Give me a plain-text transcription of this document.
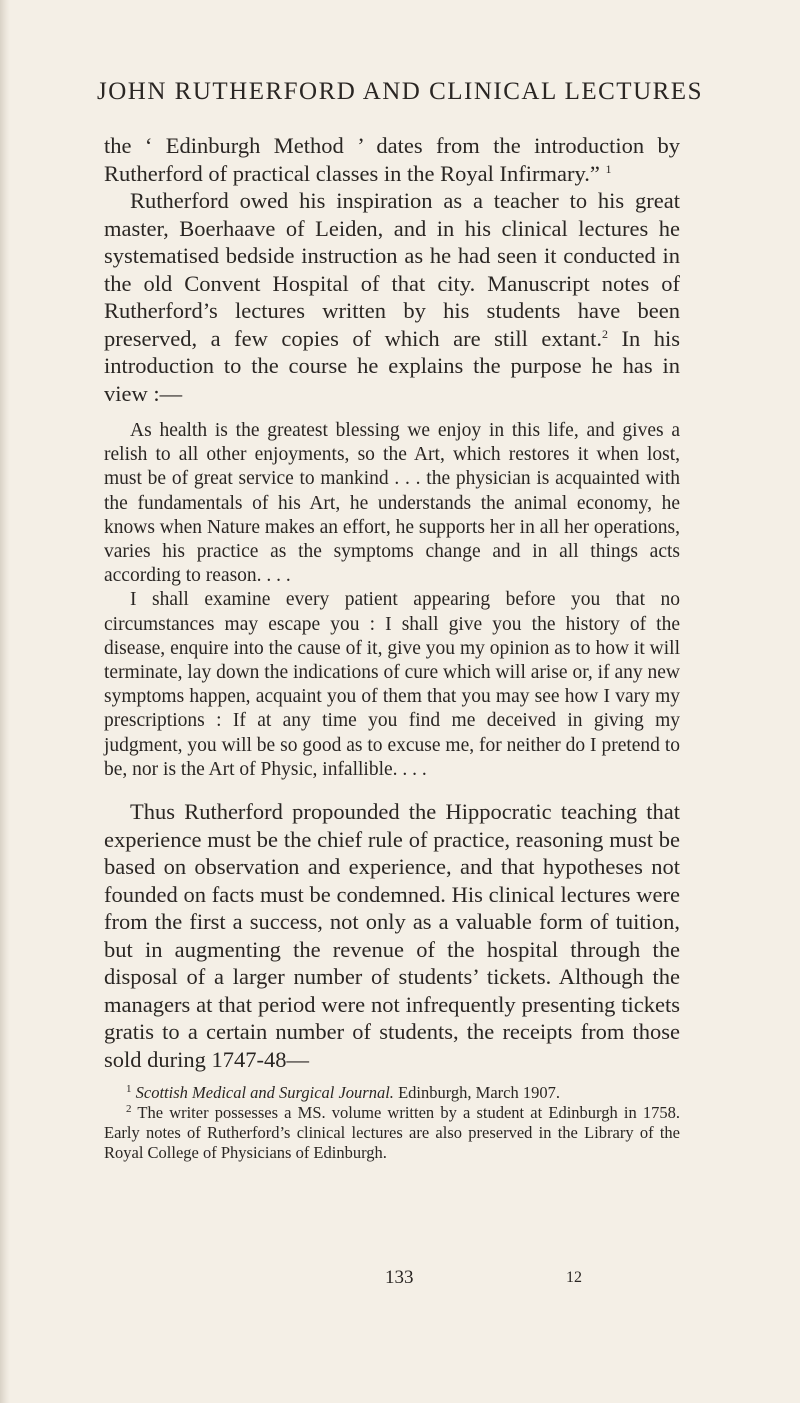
JOHN RUTHERFORD AND CLINICAL LECTURES

the ‘ Edinburgh Method ’ dates from the introduction by Rutherford of practical classes in the Royal Infirmary.” $^1$

Rutherford owed his inspiration as a teacher to his great master, Boerhaave of Leiden, and in his clinical lectures he systematised bedside instruction as he had seen it conducted in the old Convent Hospital of that city. Manuscript notes of Rutherford’s lectures written by his students have been preserved, a few copies of which are still extant.$^2$ In his introduction to the course he explains the purpose he has in view :—

As health is the greatest blessing we enjoy in this life, and gives a relish to all other enjoyments, so the Art, which restores it when lost, must be of great service to mankind . . . the physician is acquainted with the fundamentals of his Art, he understands the animal economy, he knows when Nature makes an effort, he supports her in all her operations, varies his practice as the symptoms change and in all things acts according to reason. . . .

I shall examine every patient appearing before you that no circumstances may escape you : I shall give you the history of the disease, enquire into the cause of it, give you my opinion as to how it will terminate, lay down the indications of cure which will arise or, if any new symptoms happen, acquaint you of them that you may see how I vary my prescriptions : If at any time you find me deceived in giving my judgment, you will be so good as to excuse me, for neither do I pretend to be, nor is the Art of Physic, infallible. . . .

Thus Rutherford propounded the Hippocratic teaching that experience must be the chief rule of practice, reasoning must be based on observation and experience, and that hypotheses not founded on facts must be condemned. His clinical lectures were from the first a success, not only as a valuable form of tuition, but in augmenting the revenue of the hospital through the disposal of a larger number of students’ tickets. Although the managers at that period were not infrequently presenting tickets gratis to a certain number of students, the receipts from those sold during 1747-48—

$^1$ Scottish Medical and Surgical Journal. Edinburgh, March 1907.

$^2$ The writer possesses a MS. volume written by a student at Edinburgh in 1758. Early notes of Rutherford’s clinical lectures are also preserved in the Library of the Royal College of Physicians of Edinburgh.

133	12
